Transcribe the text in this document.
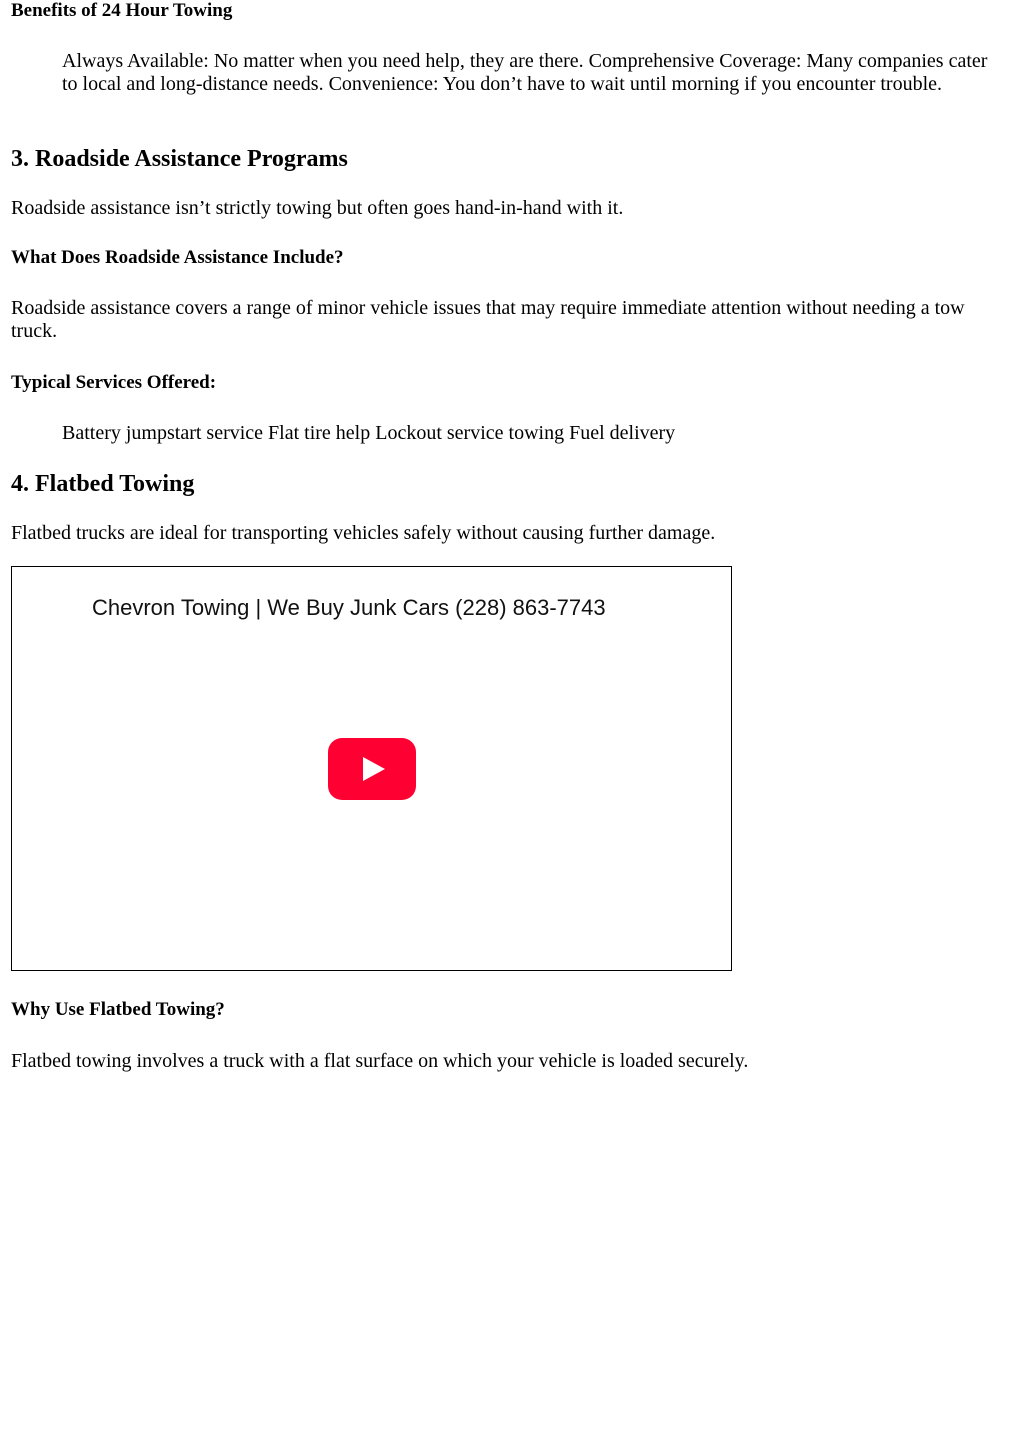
Benefits of 24 Hour Towing

Always Available: No matter when you need help, they are there. Comprehensive Coverage: Many companies cater to local and long-distance needs. Convenience: You don’t have to wait until morning if you encounter trouble.

3. Roadside Assistance Programs

Roadside assistance isn’t strictly towing but often goes hand-in-hand with it.

What Does Roadside Assistance Include?

Roadside assistance covers a range of minor vehicle issues that may require immediate attention without needing a tow truck.

Typical Services Offered:

Battery jumpstart service Flat tire help Lockout service towing Fuel delivery

4. Flatbed Towing

Flatbed trucks are ideal for transporting vehicles safely without causing further damage.

Chevron Towing | We Buy Junk Cars (228) 863-7743
Why Use Flatbed Towing?

Flatbed towing involves a truck with a flat surface on which your vehicle is loaded securely.
